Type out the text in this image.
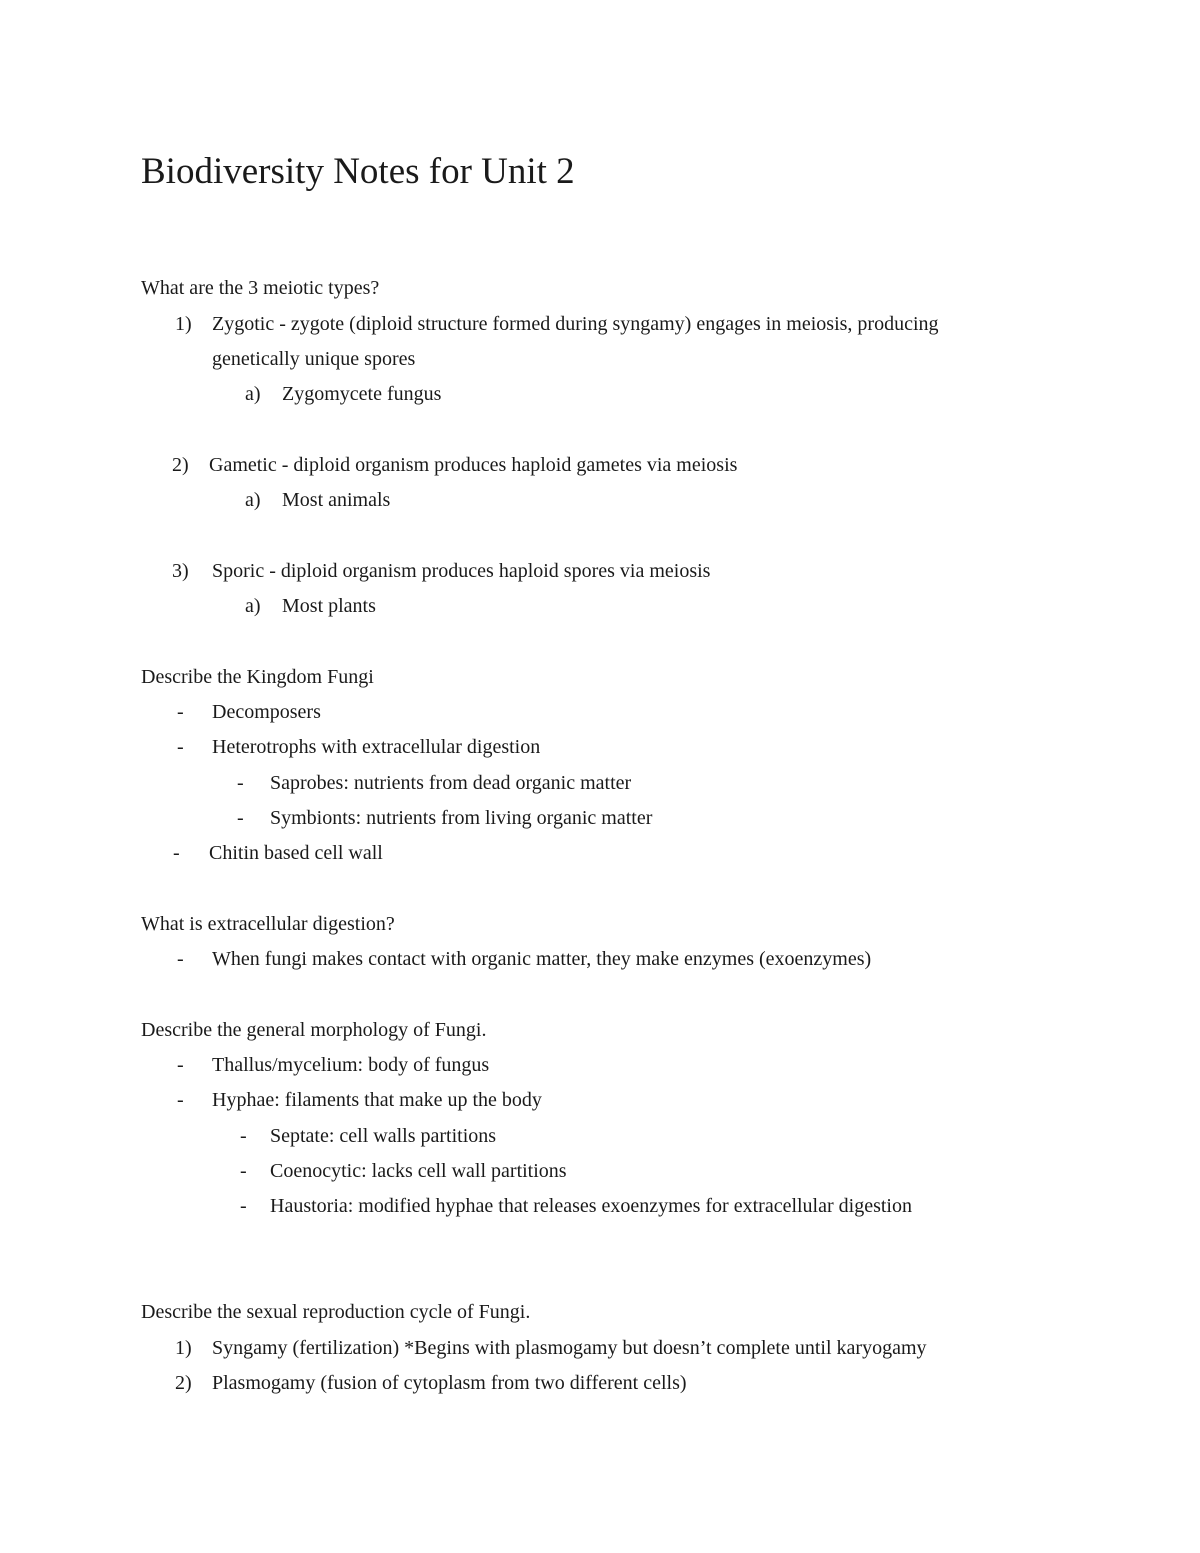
Biodiversity Notes for Unit 2
What are the 3 meiotic types?
1) Zygotic - zygote (diploid structure formed during syngamy) engages in meiosis, producing
genetically unique spores
a) Zygomycete fungus
2) Gametic - diploid organism produces haploid gametes via meiosis
a) Most animals
3) Sporic - diploid organism produces haploid spores via meiosis
a) Most plants
Describe the Kingdom Fungi
- Decomposers
- Heterotrophs with extracellular digestion
- Saprobes: nutrients from dead organic matter
- Symbionts: nutrients from living organic matter
- Chitin based cell wall
What is extracellular digestion?
- When fungi makes contact with organic matter, they make enzymes (exoenzymes)
Describe the general morphology of Fungi.
- Thallus/mycelium: body of fungus
- Hyphae: filaments that make up the body
- Septate: cell walls partitions
- Coenocytic: lacks cell wall partitions
- Haustoria: modified hyphae that releases exoenzymes for extracellular digestion
Describe the sexual reproduction cycle of Fungi.
1) Syngamy (fertilization) *Begins with plasmogamy but doesn’t complete until karyogamy
2) Plasmogamy (fusion of cytoplasm from two different cells)
